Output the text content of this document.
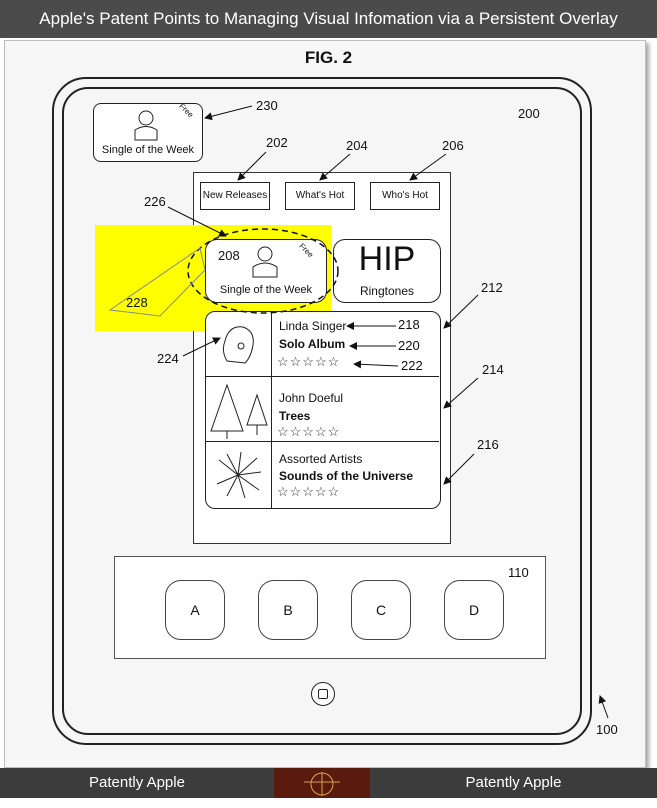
Apple's Patent Points to Managing Visual Infomation via a Persistent Overlay
FIG. 2
200
100
Free
Single of the Week
230
New Releases	What's Hot	Who's Hot
202	204	206
Free
208
Single of the Week
HIP
Ringtones
226
228
Linda Singer
Solo Album
☆☆☆☆☆
John Doeful
Trees
☆☆☆☆☆
Assorted Artists
Sounds of the Universe
☆☆☆☆☆
212
214
216
224
218
220
222
110
A	B	C	D
Patently Apple	Patently Apple
